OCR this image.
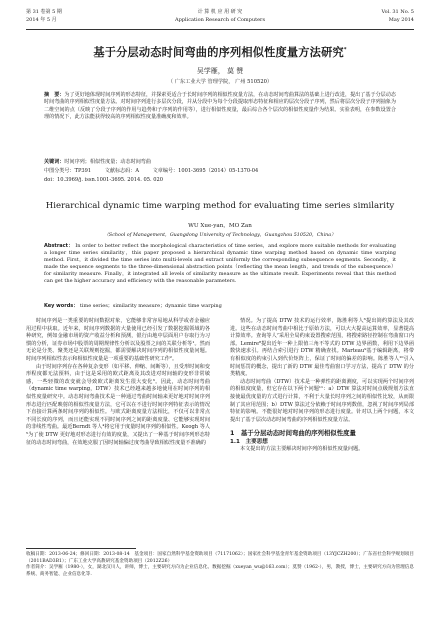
第 31 卷第 5 期
2014 年 5 月
计 算 机 应 用 研 究
Application Research of Computers
Vol. 31 No. 5
May 2014
基于分层动态时间弯曲的序列相似性度量方法研究*
吴学雁， 莫 赞
（ 广东工业大学 管理学院， 广州 510520）
摘　要：为了更好地体现时间序列的形态特征，并探索更适合于长时间序列的相似性度量方法，在动态时间弯曲算法的基础上进行改进，提出了基于分层动态时间弯曲的序列相似性度量方法。对时间序列进行多层次分段，并从分段中为每个分段提取形态特征和相应的层次分段子序列，然后将层次分段子序列抽象为二维空间的点（反映了分段子序列的作用与趋势和子序列的作用等），进行相似性度量，最后综合各个层次的相似性度量作为结果。实验表明，在参数设置合理的情况下，此方法能获得较高的序列相似性度量准确度和效率。
关键词：时间序列；相似性度量；动态时间弯曲
中图分类号：TP391	文献标志码：A	文章编号：1001-3695（2014）05-1370-04
doi：10.3969/j. issn.1001-3695. 2014. 05. 020
Hierarchical dynamic time warping method for evaluating time series similarity
WU Xue-yan，MO Zan
（School of Management，Guangdong University of Technology，Guangzhou 510520，China）
Abstract： In order to better reflect the morphological characteristics of time series，and explore more suitable methods for evaluating a longer time series similarity，this paper proposed a hierarchical dynamic time warping method based on dynamic time warping method. First，it divided the time series into multi-levels and extract uniformly the corresponding subsequence segments. Secondly，it made the sequence segments to the three-dimensional abstraction points（reflecting the mean length，and trends of the subsequence）for similarity measure. Finally，it integrated all levels of similarity measure as the ultimate result. Experiments reveal that this method can get the higher accuracy and efficiency with the reasonable parameters.
Key words： time series；similarity measure；dynamic time warping

时间序列是一类重要的时间数据对象，它能够非常容易地从科学或者金融应用过程中获取。近年来，时间序列数据的大量使用已经引发了数据挖掘领域的各种研究，例如金融市场的资产收益分析和预测，银行由地中层面用户存取行为习惯的分析，证券市场中股票的周期规律性分析以及股票之间的关联分析等¹。然而无论是分类、聚类还是关联规则挖掘，都需要解决时间序列的相似性度量问题。时间序列相似性表示和相似性度量是一项重要的基础性研究工作²。

由于时间序列存在各种复杂变形（如平移、伸缩、间断等），且受形时间和变形程度都无法预料，由于这是采用的欧式距离及其改进对时间轴的变形非常敏感，一些轻微的改变就会导致欧式距离发生很大变化³。因此，动态时间弯曲（dynamic time warping，DTW）技术已经越来越多地使用在时间序列的相似性度量研究中。动态时间弯曲技术是一种通过弯曲时间轴来更好地对时间序列形态进行匹配映射的相似性度量方法，它可以在不进行时间序列特征表示的情况下直接计算两条时间序列的相似性。与欧式距离度量方法相比，不仅可以非常点不同长度的序列，而且还能实现不同时间序列之间的距离度量、它能够实现时间的非线性弯曲。最近Berndt 等人⁴将它用于度量时间序列的相似性。Keogh 等人⁵为了使 DTW 更好地对形态进行有效的度量，又提出了一种基于时间序列形态特征的动态时间弯曲，在效地克服了因时间轴偏过度弯曲导致相似性度量不准确的

情况。为了提高 DTW 技术的运行效率，陈胜利等人⁶提出简约算法及其改进。这些在动态时间弯曲中相比于原始方法，可以大大提高运算效率，显著提高计算效率。查询等人⁷采用全局约束设置搜索范围，将搜索路径控制在弯曲窗口内部。Lemire⁸提出近年一种上限值三角不等式的 DTW 边界函数，利用下边界函数快速求引。再结合索引进行 DTW 精确查找。Marteau⁹基于编辑距离，将带有相似度的约束引入到代价矩阵上，保证了时间的偏差的影响。陈胜等人¹⁰引入时间惩罚的概念，提出了新的 DTW 最佳弯曲窗口学习方法，提高了 DTW 的分类精度。

动态时间弯曲（DTW）技术是一种弹性的距离测度，可以实现两个时间序列的相似度度量，但它存在以下两个问题¹¹：a）DTW 算法对时间点级规划方法直接使最优度量的方式进行计算，不利于大量长时序列之间的相似性比较，从而限制了其应用范围；b）DTW 算法过分依赖于时间序列数值，忽视了时间序列局部特征的影响。不能很好地对时间序列的形态进行度量。针对以上两个问题，本文提出了基于层次动态时间弯曲的序列相似性度量方法。

1　基于分层动态时间弯曲的序列相似性度量
1.1　主要思想

本文提出的方法主要解决时间序列的相似性度量问题。

收稿日期：2013-06-24；修回日期：2013-08-14　基金项目：国家自然科学基金资助项目（71171062）；国家社会科学基金青年基金资助项目（13YJCZH200）；广东省社会科学规划项目（2011BAD3B1）；广东工业大学高教研究基金资助项目（2012Z26）
作者简介：吴学雁（1980-），女，湖北汉川人，讲师，博士，主要研究方向为企业信息化、数据挖掘（xueyan_wu@163.com）；莫赞（1962-），男，教授，博士，主要研究方向为管理信息系统、商务智能、企业信息化等.
